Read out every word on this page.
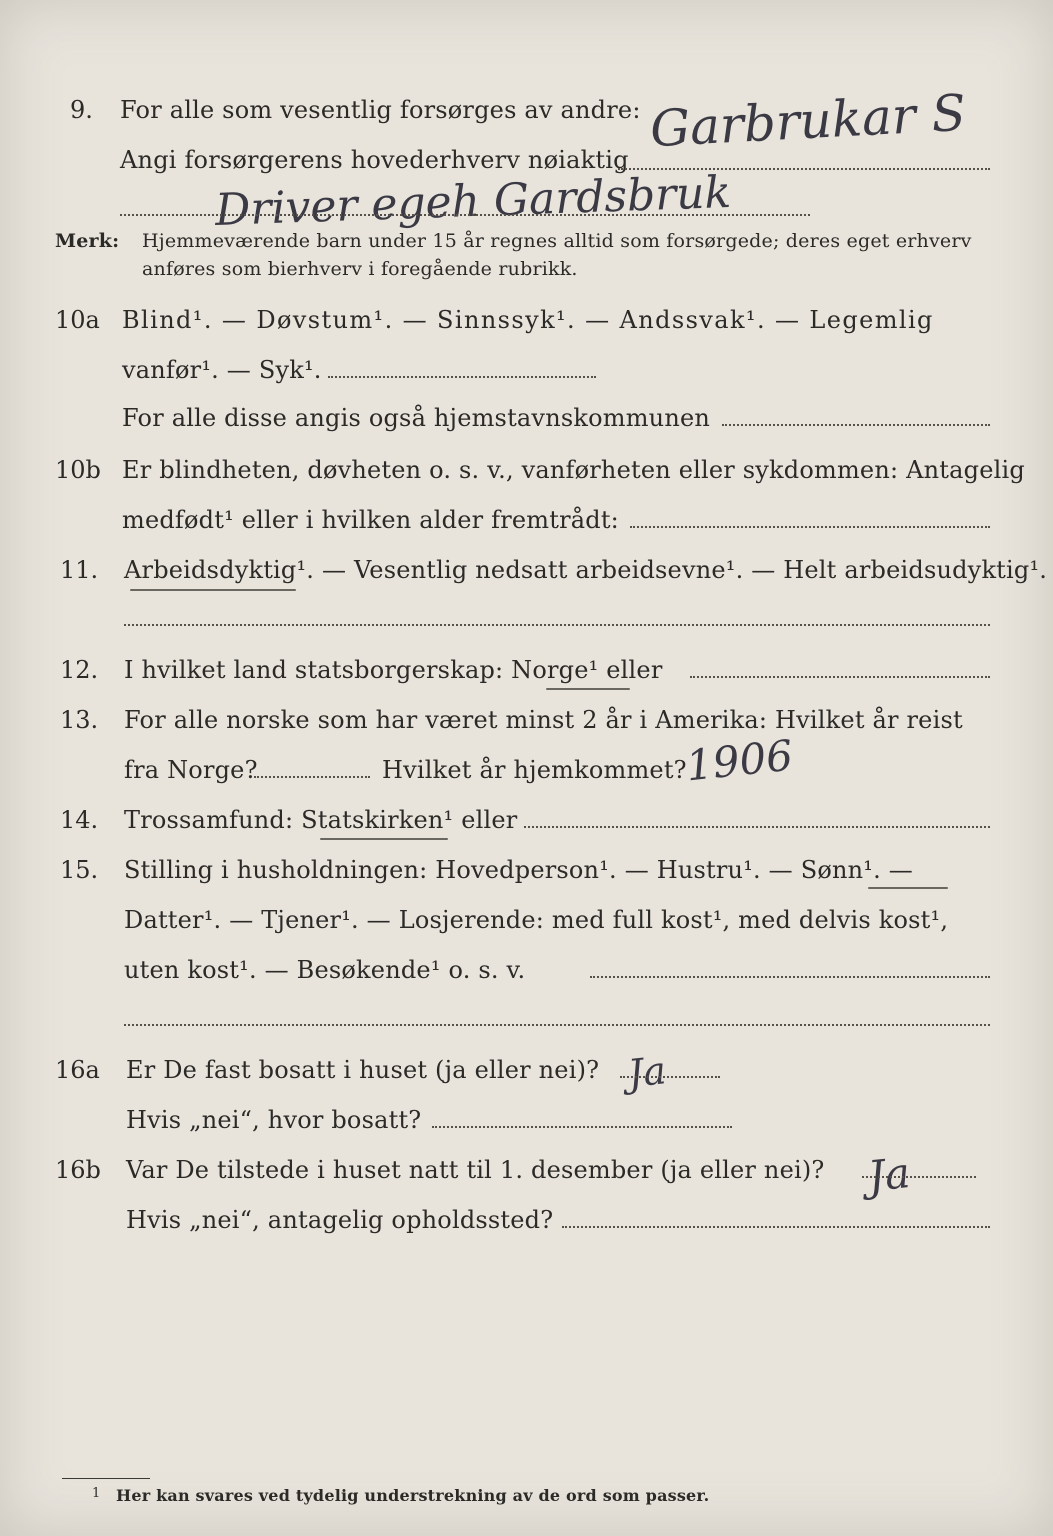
9. For alle som vesentlig forsørges av andre: Garbrukar S
Angi forsørgerens hovederhverv nøiaktig
Driver egeh Gardsbruk
Merk: Hjemmeværende barn under 15 år regnes alltid som forsørgede; deres eget erhverv
anføres som bierhverv i foregående rubrikk.
10a Blind¹. — Døvstum¹. — Sinnssyk¹. — Andssvak¹. — Legemlig
vanfør¹. — Syk¹.
For alle disse angis også hjemstavnskommunen
10b Er blindheten, døvheten o. s. v., vanførheten eller sykdommen: Antagelig
medfødt¹ eller i hvilken alder fremtrådt:
11. Arbeidsdyktig¹. — Vesentlig nedsatt arbeidsevne¹. — Helt arbeidsudyktig¹.
12. I hvilket land statsborgerskap: Norge¹ eller
13. For alle norske som har været minst 2 år i Amerika: Hvilket år reist
fra Norge?	Hvilket år hjemkommet?
1906
14. Trossamfund: Statskirken¹ eller
15. Stilling i husholdningen: Hovedperson¹. — Hustru¹. — Sønn¹. —
Datter¹. — Tjener¹. — Losjerende: med full kost¹, med delvis kost¹,
uten kost¹. — Besøkende¹ o. s. v.
16a Er De fast bosatt i huset (ja eller nei)? Ja
Hvis „nei“, hvor bosatt?
16b Var De tilstede i huset natt til 1. desember (ja eller nei)? Ja
Hvis „nei“, antagelig opholdssted?
1 Her kan svares ved tydelig understrekning av de ord som passer.
